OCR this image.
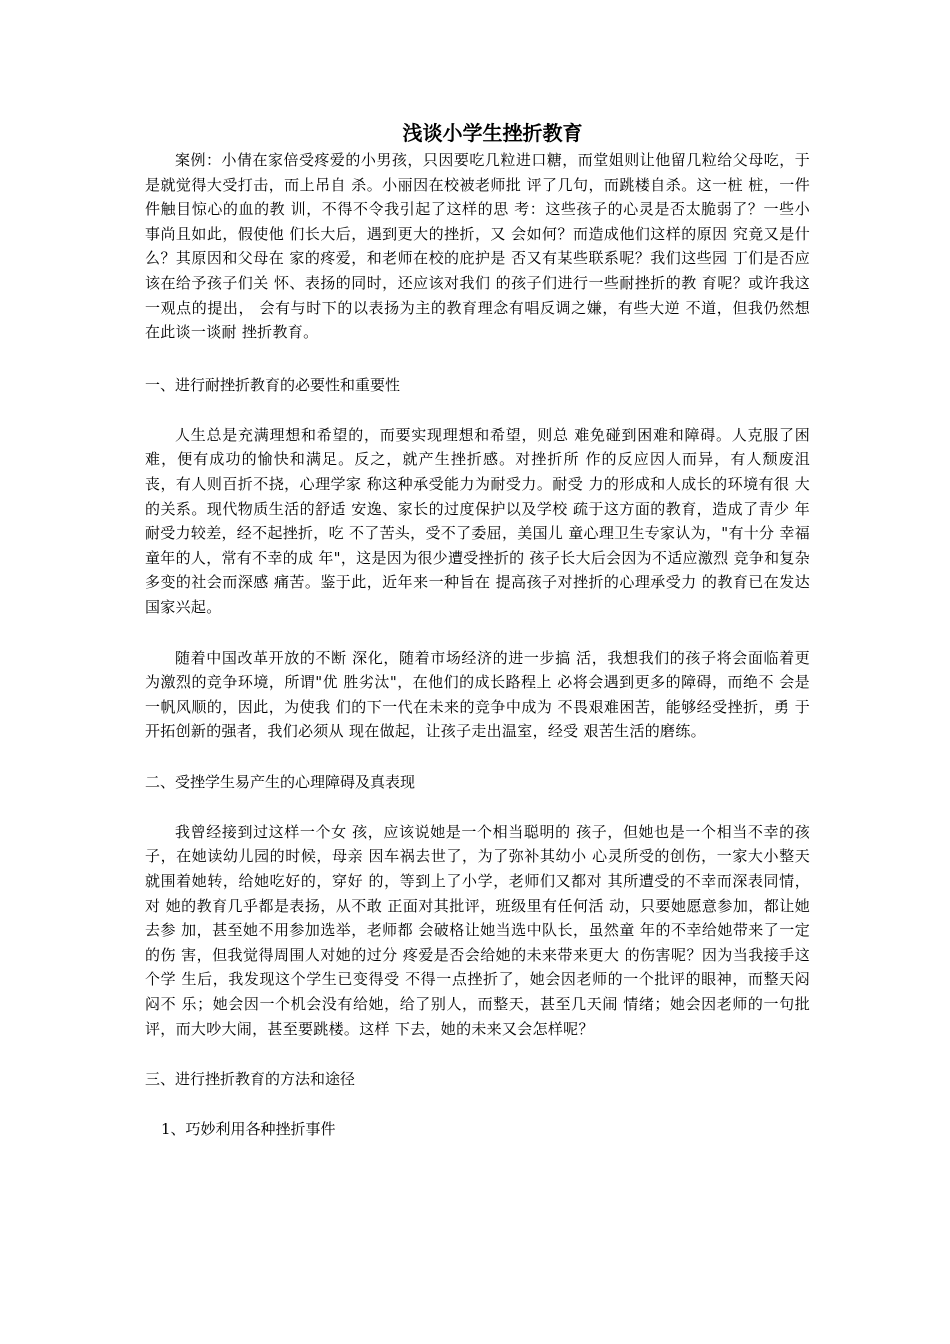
浅谈小学生挫折教育

案例：小倩在家倍受疼爱的小男孩，只因要吃几粒进口糖，而堂姐则让他留几粒给父母吃，于是就觉得大受打击，而上吊自 杀。小丽因在校被老师批 评了几句，而跳楼自杀。这一桩 桩，一件件触目惊心的血的教 训，不得不令我引起了这样的思 考：这些孩子的心灵是否太脆弱了？一些小事尚且如此，假使他 们长大后，遇到更大的挫折，又 会如何？而造成他们这样的原因 究竟又是什么？其原因和父母在 家的疼爱，和老师在校的庇护是 否又有某些联系呢？我们这些园 丁们是否应该在给予孩子们关 怀、表扬的同时，还应该对我们 的孩子们进行一些耐挫折的教 育呢？或许我这一观点的提出， 会有与时下的以表扬为主的教育理念有唱反调之嫌，有些大逆 不道，但我仍然想在此谈一谈耐 挫折教育。

一、进行耐挫折教育的必要性和重要性

人生总是充满理想和希望的，而要实现理想和希望，则总 难免碰到困难和障碍。人克服了困难，便有成功的愉快和满足。反之，就产生挫折感。对挫折所 作的反应因人而异，有人颓废沮 丧，有人则百折不挠，心理学家 称这种承受能力为耐受力。耐受 力的形成和人成长的环境有很 大的关系。现代物质生活的舒适 安逸、家长的过度保护以及学校 疏于这方面的教育，造成了青少 年耐受力较差，经不起挫折，吃 不了苦头，受不了委屈，美国儿 童心理卫生专家认为，"有十分 幸福童年的人，常有不幸的成 年"，这是因为很少遭受挫折的 孩子长大后会因为不适应激烈 竞争和复杂多变的社会而深感 痛苦。鉴于此，近年来一种旨在 提高孩子对挫折的心理承受力 的教育已在发达国家兴起。

随着中国改革开放的不断 深化，随着市场经济的进一步搞 活，我想我们的孩子将会面临着更为激烈的竞争环境，所谓"优 胜劣汰"，在他们的成长路程上 必将会遇到更多的障碍，而绝不 会是一帆风顺的，因此，为使我 们的下一代在未来的竞争中成为 不畏艰难困苦，能够经受挫折，勇 于开拓创新的强者，我们必须从 现在做起，让孩子走出温室，经受 艰苦生活的磨练。

二、受挫学生易产生的心理障碍及真表现

我曾经接到过这样一个女 孩，应该说她是一个相当聪明的 孩子，但她也是一个相当不幸的孩子，在她读幼儿园的时候，母亲 因车祸去世了，为了弥补其幼小 心灵所受的创伤，一家大小整天 就围着她转，给她吃好的，穿好 的，等到上了小学，老师们又都对 其所遭受的不幸而深表同情，对 她的教育几乎都是表扬，从不敢 正面对其批评，班级里有任何活 动，只要她愿意参加，都让她去参 加，甚至她不用参加选举，老师都 会破格让她当选中队长，虽然童 年的不幸给她带来了一定的伤 害，但我觉得周围人对她的过分 疼爱是否会给她的未来带来更大 的伤害呢？因为当我接手这个学 生后，我发现这个学生已变得受 不得一点挫折了，她会因老师的一个批评的眼神，而整天闷闷不 乐；她会因一个机会没有给她，给了别人，而整天，甚至几天闹 情绪；她会因老师的一句批评，而大吵大闹，甚至要跳楼。这样 下去，她的未来又会怎样呢？

三、进行挫折教育的方法和途径

1、巧妙利用各种挫折事件
